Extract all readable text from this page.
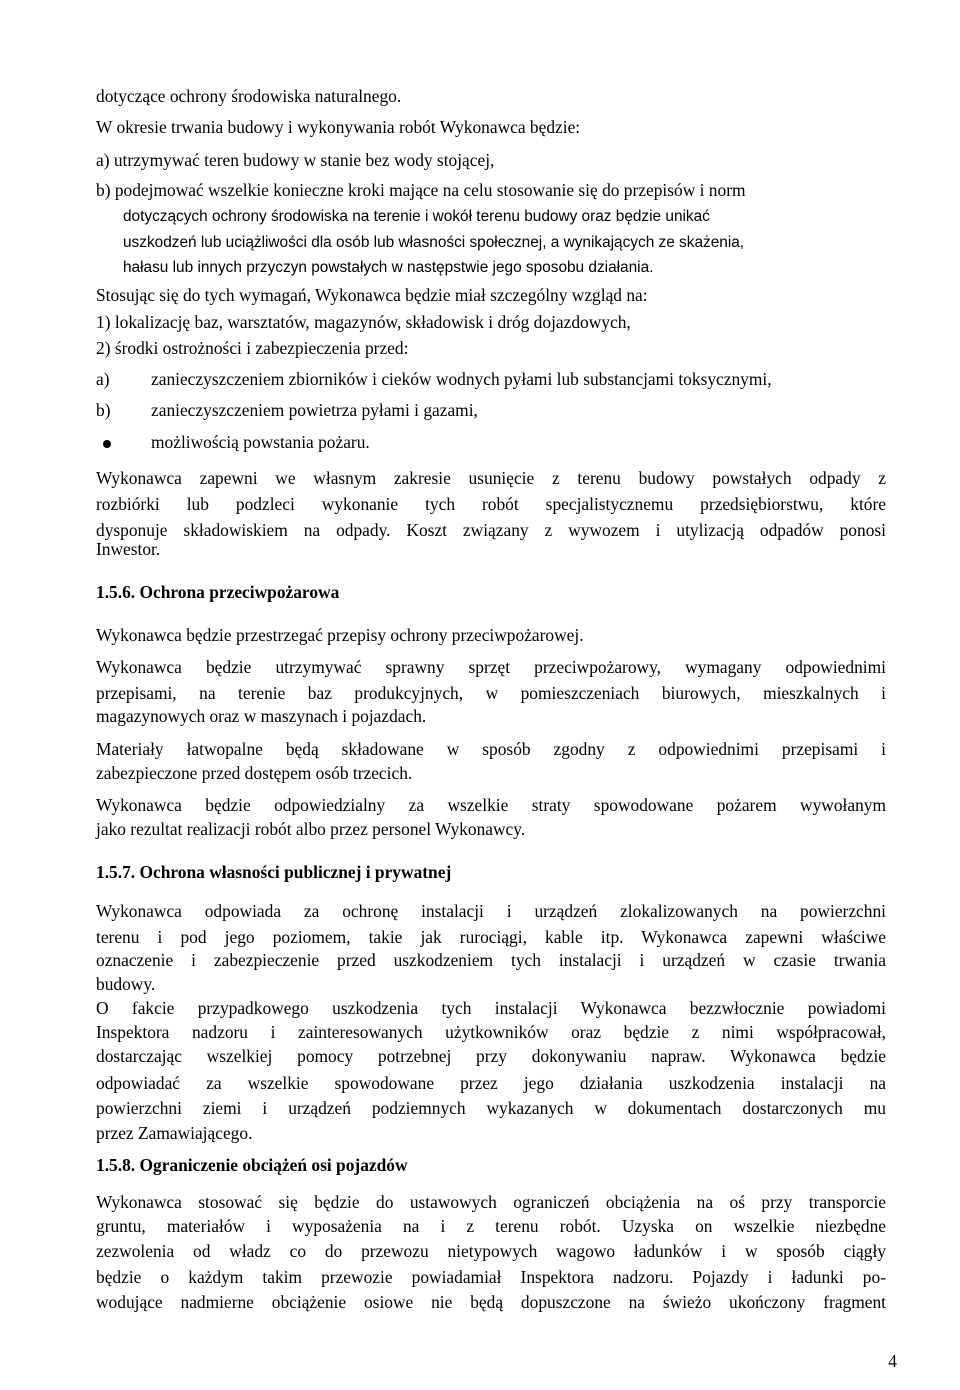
dotyczące ochrony środowiska naturalnego.

W okresie trwania budowy i wykonywania robót Wykonawca będzie:

a) utrzymywać teren budowy w stanie bez wody stojącej,

b) podejmować wszelkie konieczne kroki mające na celu stosowanie się do przepisów i norm

dotyczących ochrony środowiska na terenie i wokół terenu budowy oraz będzie unikać

uszkodzeń lub uciążliwości dla osób lub własności społecznej, a wynikających ze skażenia,

hałasu lub innych przyczyn powstałych w następstwie jego sposobu działania.

Stosując się do tych wymagań, Wykonawca będzie miał szczególny wzgląd na:

1) lokalizację baz, warsztatów, magazynów, składowisk i dróg dojazdowych,

2) środki ostrożności i zabezpieczenia przed:

a) zanieczyszczeniem zbiorników i cieków wodnych pyłami lub substancjami toksycznymi,

b) zanieczyszczeniem powietrza pyłami i gazami,

możliwością powstania pożaru.

Wykonawca zapewni we własnym zakresie usunięcie z terenu budowy powstałych odpady z

rozbiórki lub podzleci wykonanie tych robót specjalistycznemu przedsiębiorstwu, które

dysponuje składowiskiem na odpady. Koszt związany z wywozem i utylizacją odpadów ponosi

Inwestor.

1.5.6. Ochrona przeciwpożarowa

Wykonawca będzie przestrzegać przepisy ochrony przeciwpożarowej.

Wykonawca będzie utrzymywać sprawny sprzęt przeciwpożarowy, wymagany odpowiednimi

przepisami, na terenie baz produkcyjnych, w pomieszczeniach biurowych, mieszkalnych i

magazynowych oraz w maszynach i pojazdach.

Materiały łatwopalne będą składowane w sposób zgodny z odpowiednimi przepisami i

zabezpieczone przed dostępem osób trzecich.

Wykonawca będzie odpowiedzialny za wszelkie straty spowodowane pożarem wywołanym

jako rezultat realizacji robót albo przez personel Wykonawcy.

1.5.7. Ochrona własności publicznej i prywatnej

Wykonawca odpowiada za ochronę instalacji i urządzeń zlokalizowanych na powierzchni

terenu i pod jego poziomem, takie jak rurociągi, kable itp. Wykonawca zapewni właściwe

oznaczenie i zabezpieczenie przed uszkodzeniem tych instalacji i urządzeń w czasie trwania

budowy.

O fakcie przypadkowego uszkodzenia tych instalacji Wykonawca bezzwłocznie powiadomi

Inspektora nadzoru i zainteresowanych użytkowników oraz będzie z nimi współpracował,

dostarczając wszelkiej pomocy potrzebnej przy dokonywaniu napraw. Wykonawca będzie

odpowiadać za wszelkie spowodowane przez jego działania uszkodzenia instalacji na

powierzchni ziemi i urządzeń podziemnych wykazanych w dokumentach dostarczonych mu

przez Zamawiającego.

1.5.8. Ograniczenie obciążeń osi pojazdów

Wykonawca stosować się będzie do ustawowych ograniczeń obciążenia na oś przy transporcie

gruntu, materiałów i wyposażenia na i z terenu robót. Uzyska on wszelkie niezbędne

zezwolenia od władz co do przewozu nietypowych wagowo ładunków i w sposób ciągły

będzie o każdym takim przewozie powiadamiał Inspektora nadzoru. Pojazdy i ładunki po-

wodujące nadmierne obciążenie osiowe nie będą dopuszczone na świeżo ukończony fragment

4
